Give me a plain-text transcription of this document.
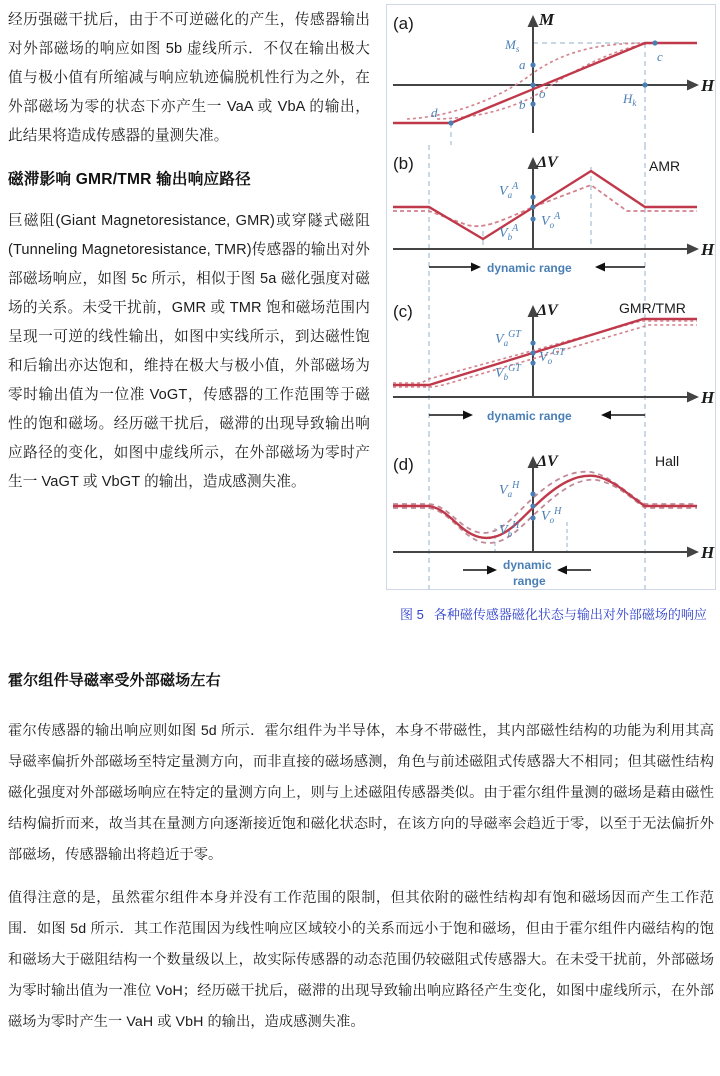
经历强磁干扰后，由于不可逆磁化的产生，传感器输出对外部磁场的响应如图 5b 虚线所示．不仅在输出极大值与极小值有所缩减与响应轨迹偏脱机性行为之外，在外部磁场为零的状态下亦产生一 VaA 或 VbA 的输出，此结果将造成传感器的量测失准。

磁滞影响 GMR/TMR 输出响应路径

巨磁阻(Giant Magnetoresistance, GMR)或穿隧式磁阻(Tunneling Magnetoresistance, TMR)传感器的输出对外部磁场响应，如图 5c 所示，相似于图 5a 磁化强度对磁场的关系。未受干扰前，GMR 或 TMR 饱和磁场范围内呈现一可逆的线性输出，如图中实线所示，到达磁性饱和后输出亦达饱和，维持在极大与极小值，外部磁场为零时输出值为一位准 VoGT，传感器的工作范围等于磁性的饱和磁场。经历磁干扰后，磁滞的出现导致输出响应路径的变化，如图中虚线所示，在外部磁场为零时产生一 VaGT 或 VbGT 的输出，造成感测失准。

(a)	M
H
$M_s$
a
o
b
c
d
$H_k$
(b)	ΔV
H
AMR
$V_a^A$
$V_o^A$
$V_b^A$
dynamic range
(c)	ΔV
H
GMR/TMR
$V_a^{GT}$
$V_o^{GT}$
$V_b^{GT}$
dynamic range
(d)	ΔV
H
Hall
$V_a^H$
$V_o^H$
$V_b^H$
dynamic
range
图 5 各种磁传感器磁化状态与输出对外部磁场的响应
霍尔组件导磁率受外部磁场左右

霍尔传感器的输出响应则如图 5d 所示．霍尔组件为半导体，本身不带磁性，其内部磁性结构的功能为利用其高导磁率偏折外部磁场至特定量测方向，而非直接的磁场感测，角色与前述磁阻式传感器大不相同；但其磁性结构磁化强度对外部磁场响应在特定的量测方向上，则与上述磁阻传感器类似。由于霍尔组件量测的磁场是藉由磁性结构偏折而来，故当其在量测方向逐渐接近饱和磁化状态时，在该方向的导磁率会趋近于零，以至于无法偏折外部磁场，传感器输出将趋近于零。

值得注意的是，虽然霍尔组件本身并没有工作范围的限制，但其依附的磁性结构却有饱和磁场因而产生工作范围．如图 5d 所示．其工作范围因为线性响应区域较小的关系而远小于饱和磁场，但由于霍尔组件内磁结构的饱和磁场大于磁阻结构一个数量级以上，故实际传感器的动态范围仍较磁阻式传感器大。在未受干扰前，外部磁场为零时输出值为一准位 VoH；经历磁干扰后，磁滞的出现导致输出响应路径产生变化，如图中虚线所示，在外部磁场为零时产生一 VaH 或 VbH 的输出，造成感测失准。
